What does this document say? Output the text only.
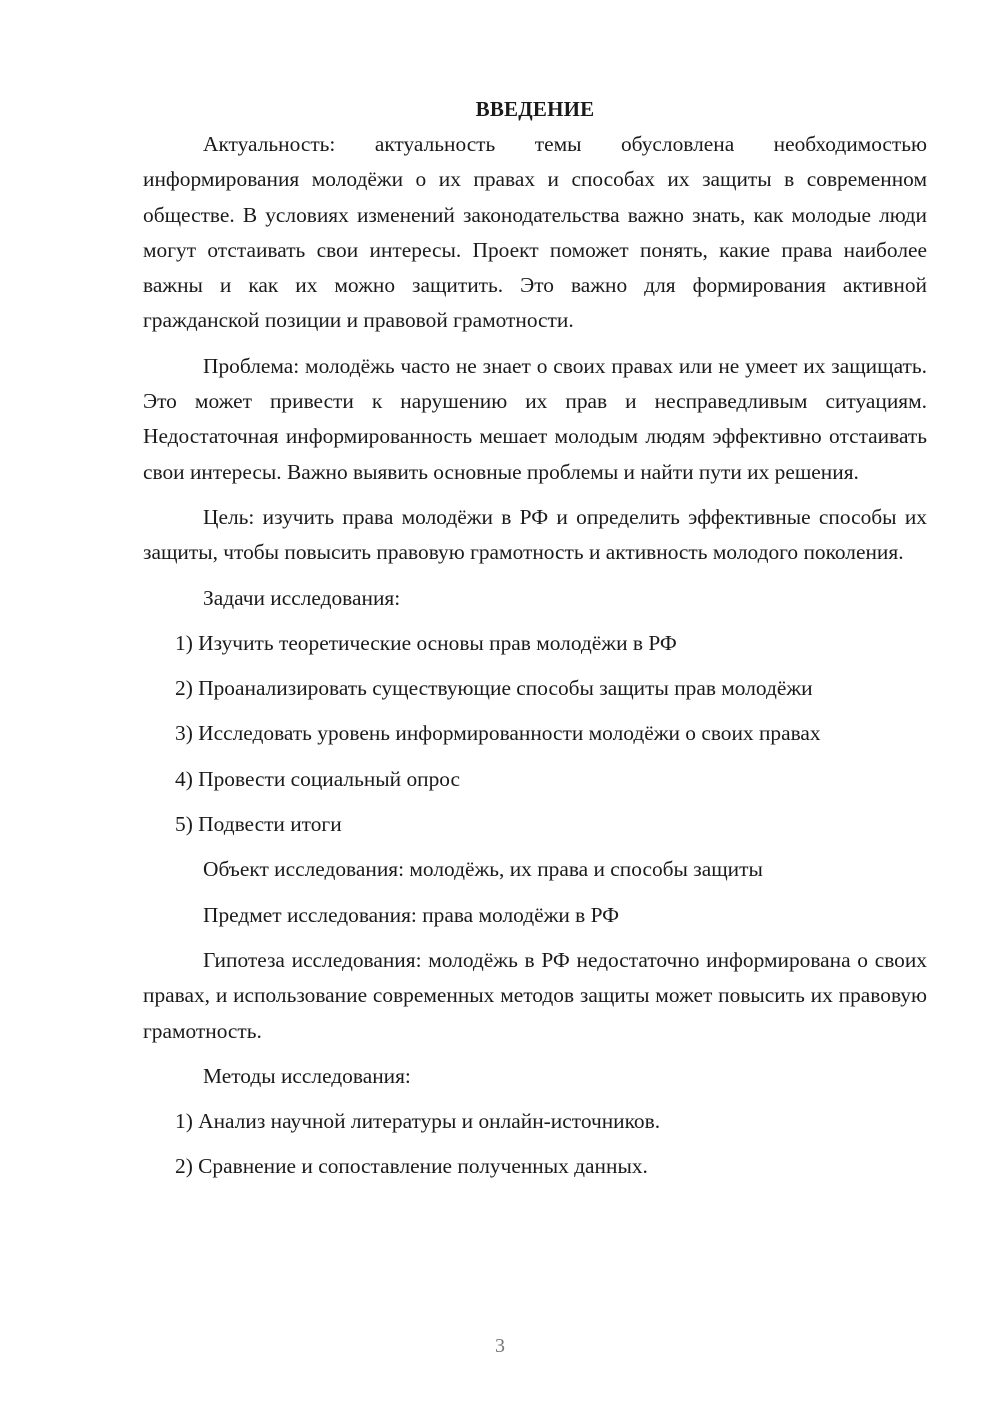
ВВЕДЕНИЕ

Актуальность: актуальность темы обусловлена необходимостью информирования молодёжи о их правах и способах их защиты в современном обществе. В условиях изменений законодательства важно знать, как молодые люди могут отстаивать свои интересы. Проект поможет понять, какие права наиболее важны и как их можно защитить. Это важно для формирования активной гражданской позиции и правовой грамотности.

Проблема: молодёжь часто не знает о своих правах или не умеет их защищать. Это может привести к нарушению их прав и несправедливым ситуациям. Недостаточная информированность мешает молодым людям эффективно отстаивать свои интересы. Важно выявить основные проблемы и найти пути их решения.

Цель: изучить права молодёжи в РФ и определить эффективные способы их защиты, чтобы повысить правовую грамотность и активность молодого поколения.

Задачи исследования:

1) Изучить теоретические основы прав молодёжи в РФ

2) Проанализировать существующие способы защиты прав молодёжи

3) Исследовать уровень информированности молодёжи о своих правах

4) Провести социальный опрос

5) Подвести итоги

Объект исследования: молодёжь, их права и способы защиты

Предмет исследования: права молодёжи в РФ

Гипотеза исследования: молодёжь в РФ недостаточно информирована о своих правах, и использование современных методов защиты может повысить их правовую грамотность.

Методы исследования:

1) Анализ научной литературы и онлайн-источников.

2) Сравнение и сопоставление полученных данных.

3
